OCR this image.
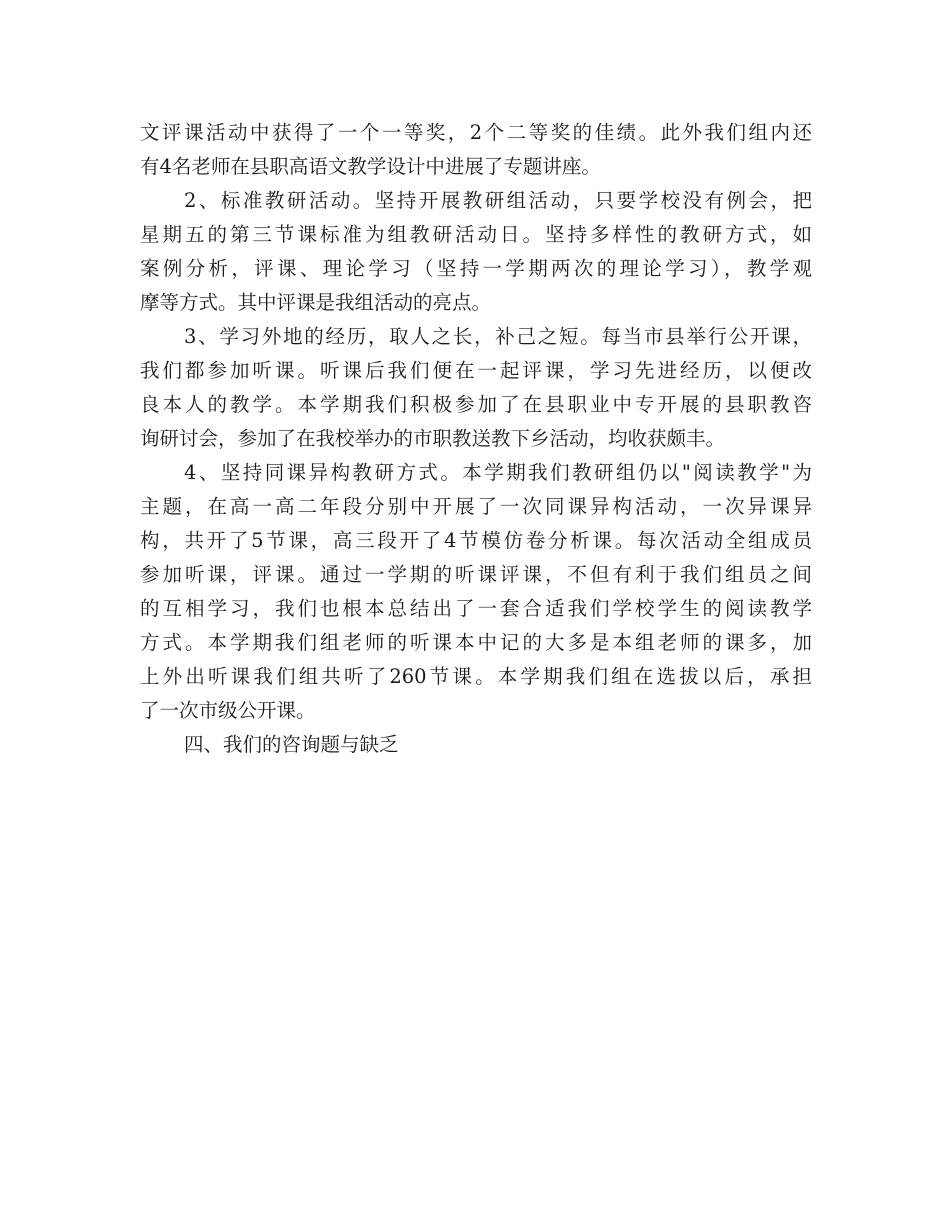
文评课活动中获得了一个一等奖，2个二等奖的佳绩。此外我们组内还
有4名老师在县职高语文教学设计中进展了专题讲座。
2、标准教研活动。坚持开展教研组活动，只要学校没有例会，把
星期五的第三节课标准为组教研活动日。坚持多样性的教研方式，如
案例分析，评课、理论学习（坚持一学期两次的理论学习），教学观
摩等方式。其中评课是我组活动的亮点。
3、学习外地的经历，取人之长，补己之短。每当市县举行公开课，
我们都参加听课。听课后我们便在一起评课，学习先进经历，以便改
良本人的教学。本学期我们积极参加了在县职业中专开展的县职教咨
询研讨会，参加了在我校举办的市职教送教下乡活动，均收获颇丰。
4、坚持同课异构教研方式。本学期我们教研组仍以"阅读教学"为
主题，在高一高二年段分别中开展了一次同课异构活动，一次异课异
构，共开了5节课，高三段开了4节模仿卷分析课。每次活动全组成员
参加听课，评课。通过一学期的听课评课，不但有利于我们组员之间
的互相学习，我们也根本总结出了一套合适我们学校学生的阅读教学
方式。本学期我们组老师的听课本中记的大多是本组老师的课多，加
上外出听课我们组共听了260节课。本学期我们组在选拔以后，承担
了一次市级公开课。
四、我们的咨询题与缺乏
